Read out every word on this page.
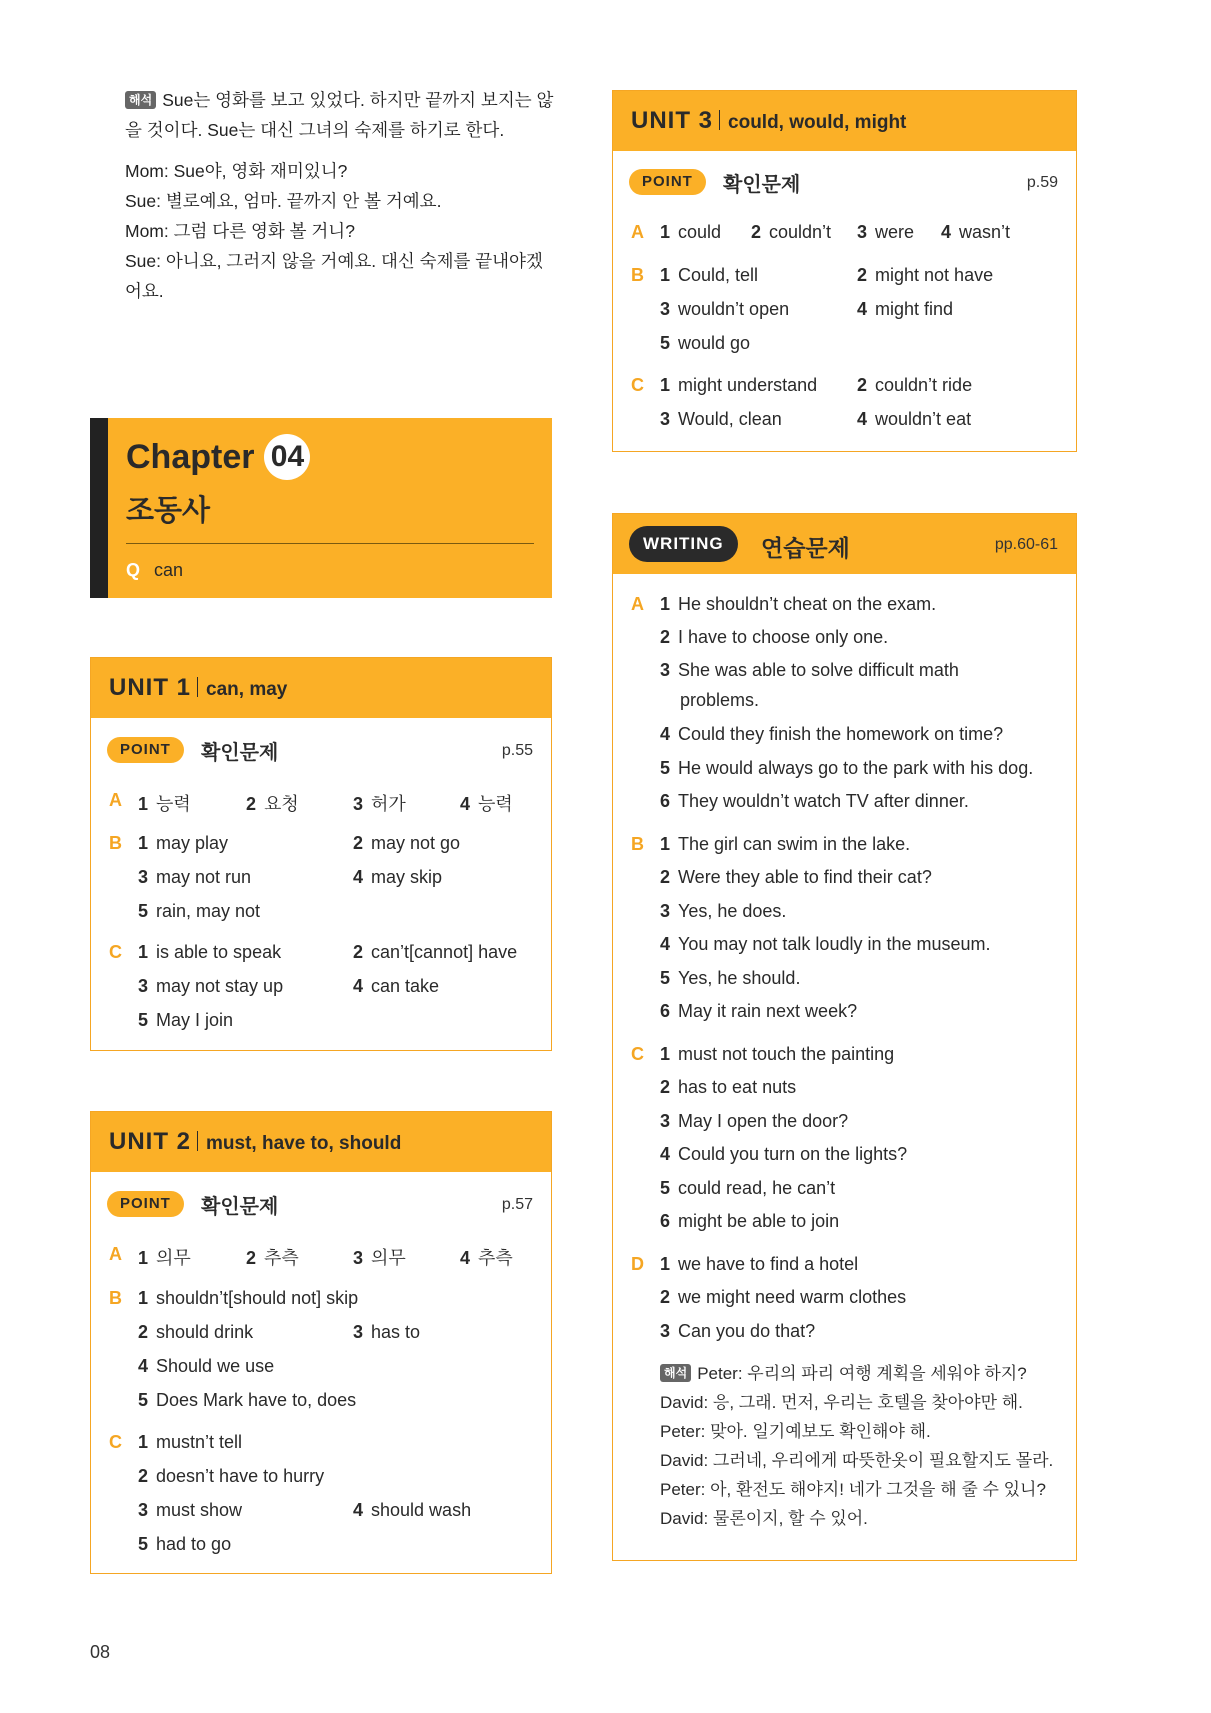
해석 Sue는 영화를 보고 있었다. 하지만 끝까지 보지는 않
을 것이다. Sue는 대신 그녀의 숙제를 하기로 한다.
Mom: Sue야, 영화 재미있니?
Sue: 별로예요, 엄마. 끝까지 안 볼 거예요.
Mom: 그럼 다른 영화 볼 거니?
Sue: 아니요, 그러지 않을 거예요. 대신 숙제를 끝내야겠
어요.
Chapter 04
조동사
Q can
UNIT 1 can, may
POINT	확인문제	p.55
A 1 능력	2 요청	3 허가	4 능력
B 1 may play	2 may not go
3 may not run	4 may skip
5 rain, may not
C 1 is able to speak	2 can’t[cannot] have
3 may not stay up	4 can take
5 May I join
UNIT 2 must, have to, should
POINT	확인문제	p.57
A 1 의무	2 추측	3 의무	4 추측
B 1 shouldn’t[should not] skip
2 should drink	3 has to
4 Should we use
5 Does Mark have to, does
C 1 mustn’t tell
2 doesn’t have to hurry
3 must show	4 should wash
5 had to go
UNIT 3 could, would, might
POINT	확인문제	p.59
A 1 could 2 couldn’t 3 were 4 wasn’t
B 1 Could, tell	2 might not have
3 wouldn’t open	4 might find
5 would go
C 1 might understand 2 couldn’t ride
3 Would, clean	4 wouldn’t eat
WRITING	연습문제	pp.60-61
A 1 He shouldn’t cheat on the exam.
2 I have to choose only one.
3 She was able to solve difficult math
problems.
4 Could they finish the homework on time?
5 He would always go to the park with his dog.
6 They wouldn’t watch TV after dinner.
B 1 The girl can swim in the lake.
2 Were they able to find their cat?
3 Yes, he does.
4 You may not talk loudly in the museum.
5 Yes, he should.
6 May it rain next week?
C 1 must not touch the painting
2 has to eat nuts
3 May I open the door?
4 Could you turn on the lights?
5 could read, he can’t
6 might be able to join
D 1 we have to find a hotel
2 we might need warm clothes
3 Can you do that?
해석 Peter: 우리의 파리 여행 계획을 세워야 하지?
David: 응, 그래. 먼저, 우리는 호텔을 찾아야만 해.
Peter: 맞아. 일기예보도 확인해야 해.
David: 그러네, 우리에게 따뜻한옷이 필요할지도 몰라.
Peter: 아, 환전도 해야지! 네가 그것을 해 줄 수 있니?
David: 물론이지, 할 수 있어.
08
